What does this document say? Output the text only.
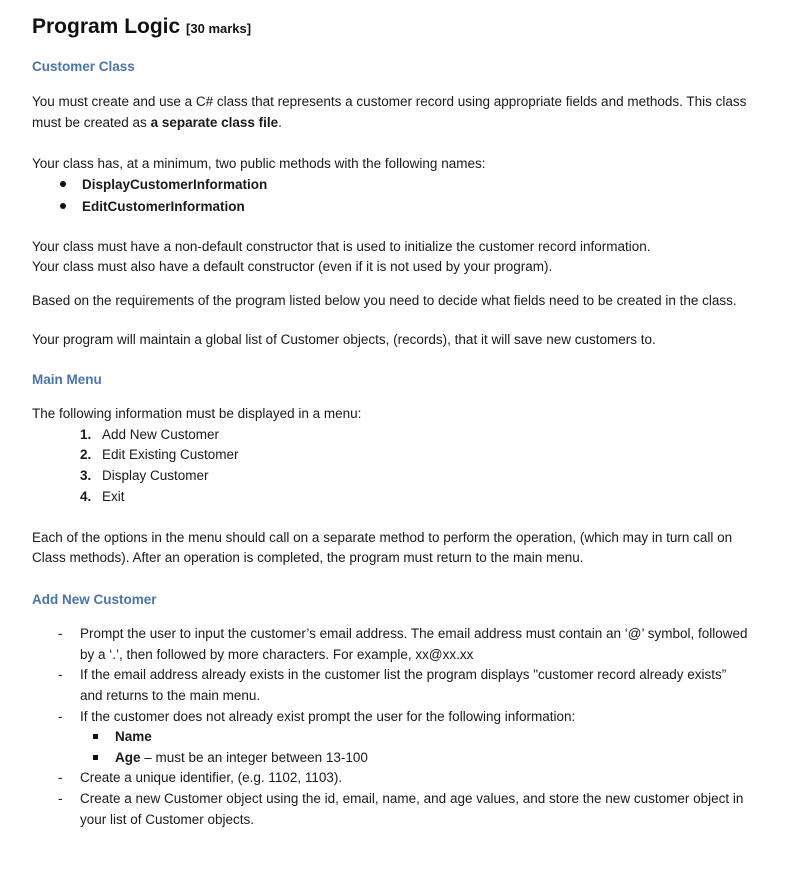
Program Logic [30 marks]
Customer Class
You must create and use a C# class that represents a customer record using appropriate fields and methods. This class
must be created as a separate class file.
Your class has, at a minimum, two public methods with the following names:
DisplayCustomerInformation
EditCustomerInformation
Your class must have a non-default constructor that is used to initialize the customer record information.
Your class must also have a default constructor (even if it is not used by your program).
Based on the requirements of the program listed below you need to decide what fields need to be created in the class.
Your program will maintain a global list of Customer objects, (records), that it will save new customers to.
Main Menu
The following information must be displayed in a menu:
1. Add New Customer
2. Edit Existing Customer
3. Display Customer
4. Exit
Each of the options in the menu should call on a separate method to perform the operation, (which may in turn call on
Class methods). After an operation is completed, the program must return to the main menu.
Add New Customer
- Prompt the user to input the customer’s email address. The email address must contain an ‘@’ symbol, followed
by a ‘.’, then followed by more characters. For example, xx@xx.xx
- If the email address already exists in the customer list the program displays "customer record already exists”
and returns to the main menu.
- If the customer does not already exist prompt the user for the following information:
Name
Age – must be an integer between 13-100
- Create a unique identifier, (e.g. 1102, 1103).
- Create a new Customer object using the id, email, name, and age values, and store the new customer object in
your list of Customer objects.
